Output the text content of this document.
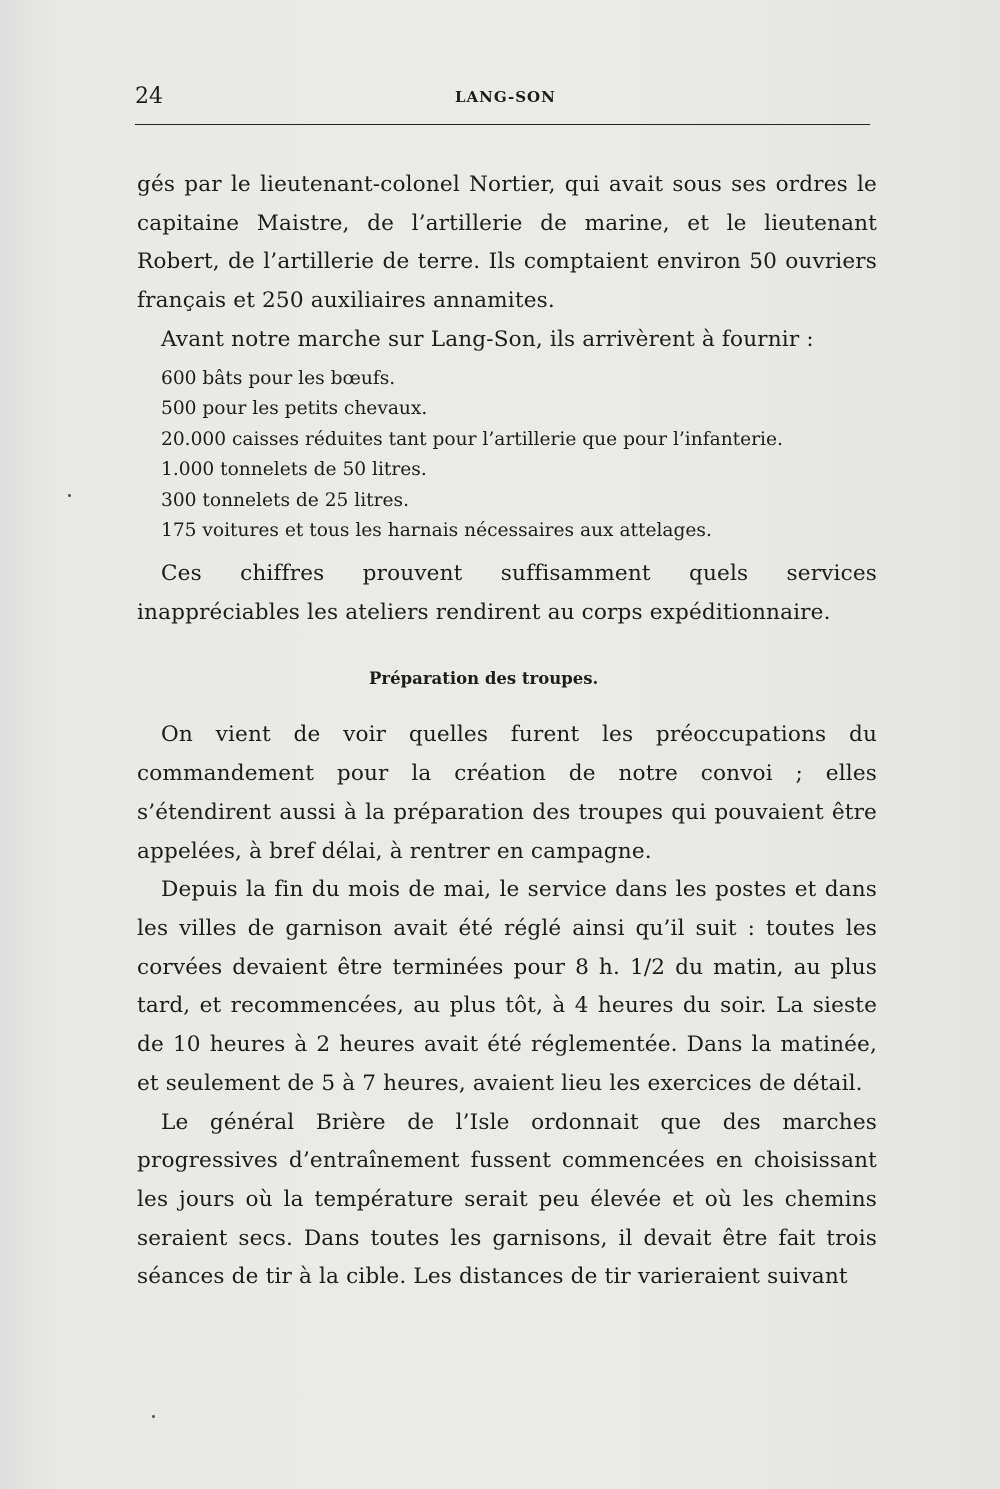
24	LANG-SON

gés par le lieutenant-colonel Nortier, qui avait sous ses ordres le capitaine Maistre, de l’artillerie de marine, et le lieutenant Robert, de l’artillerie de terre. Ils comptaient environ 50 ouvriers français et 250 auxiliaires annamites.

Avant notre marche sur Lang-Son, ils arrivèrent à fournir :

600 bâts pour les bœufs.
500 pour les petits chevaux.
20.000 caisses réduites tant pour l’artillerie que pour l’infanterie.
1.000 tonnelets de 50 litres.
300 tonnelets de 25 litres.
175 voitures et tous les harnais nécessaires aux attelages.

Ces chiffres prouvent suffisamment quels services inappréciables les ateliers rendirent au corps expéditionnaire.

Préparation des troupes.

On vient de voir quelles furent les préoccupations du commandement pour la création de notre convoi ; elles s’étendirent aussi à la préparation des troupes qui pouvaient être appelées, à bref délai, à rentrer en campagne.

Depuis la fin du mois de mai, le service dans les postes et dans les villes de garnison avait été réglé ainsi qu’il suit : toutes les corvées devaient être terminées pour 8 h. 1/2 du matin, au plus tard, et recommencées, au plus tôt, à 4 heures du soir. La sieste de 10 heures à 2 heures avait été réglementée. Dans la matinée, et seulement de 5 à 7 heures, avaient lieu les exercices de détail.

Le général Brière de l’Isle ordonnait que des marches progressives d’entraînement fussent commencées en choisissant les jours où la température serait peu élevée et où les chemins seraient secs. Dans toutes les garnisons, il devait être fait trois séances de tir à la cible. Les distances de tir varieraient suivant
